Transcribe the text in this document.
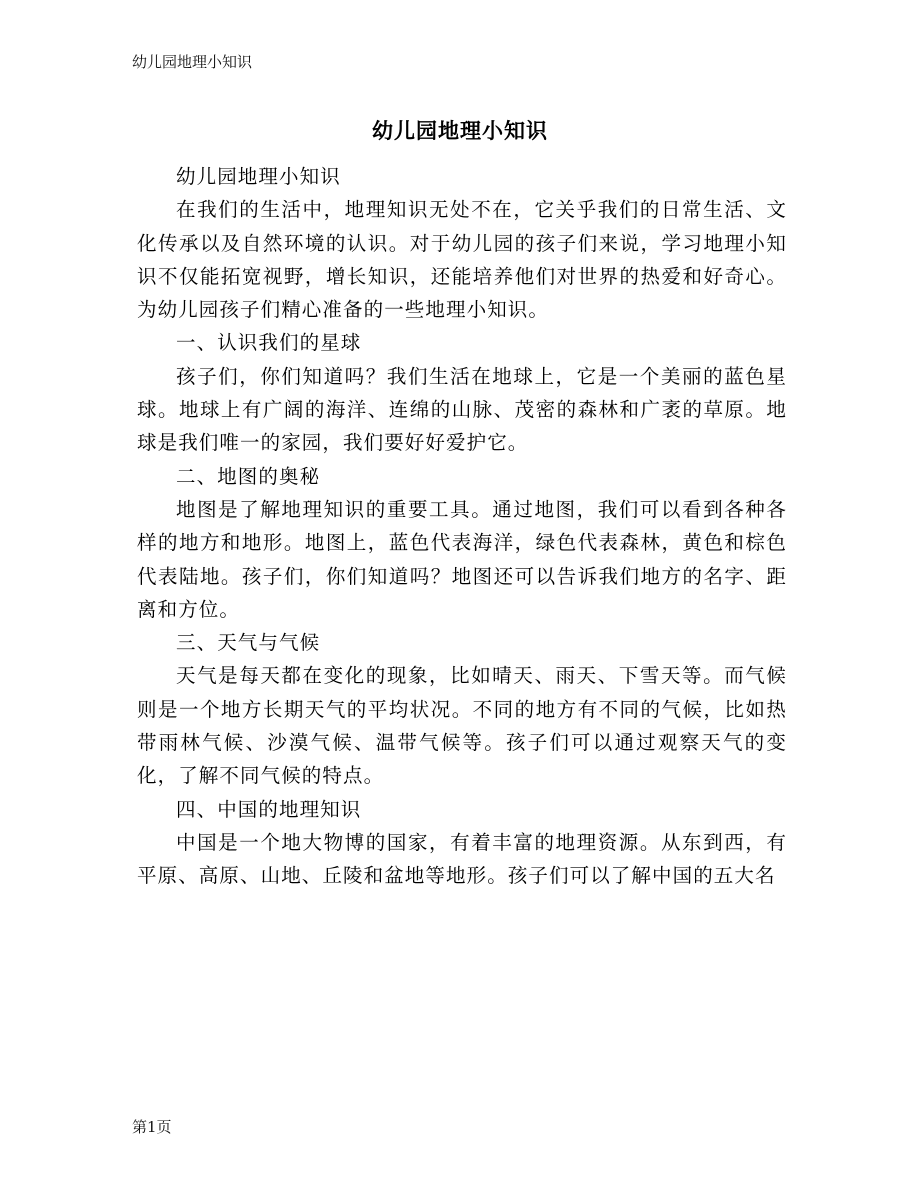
幼儿园地理小知识
幼儿园地理小知识

幼儿园地理小知识

在我们的生活中，地理知识无处不在，它关乎我们的日常生活、文化传承以及自然环境的认识。对于幼儿园的孩子们来说，学习地理小知识不仅能拓宽视野，增长知识，还能培养他们对世界的热爱和好奇心。为幼儿园孩子们精心准备的一些地理小知识。

一、认识我们的星球

孩子们，你们知道吗？我们生活在地球上，它是一个美丽的蓝色星球。地球上有广阔的海洋、连绵的山脉、茂密的森林和广袤的草原。地球是我们唯一的家园，我们要好好爱护它。

二、地图的奥秘

地图是了解地理知识的重要工具。通过地图，我们可以看到各种各样的地方和地形。地图上，蓝色代表海洋，绿色代表森林，黄色和棕色代表陆地。孩子们，你们知道吗？地图还可以告诉我们地方的名字、距离和方位。

三、天气与气候

天气是每天都在变化的现象，比如晴天、雨天、下雪天等。而气候则是一个地方长期天气的平均状况。不同的地方有不同的气候，比如热带雨林气候、沙漠气候、温带气候等。孩子们可以通过观察天气的变化，了解不同气候的特点。

四、中国的地理知识

中国是一个地大物博的国家，有着丰富的地理资源。从东到西，有平原、高原、山地、丘陵和盆地等地形。孩子们可以了解中国的五大名

第1页
